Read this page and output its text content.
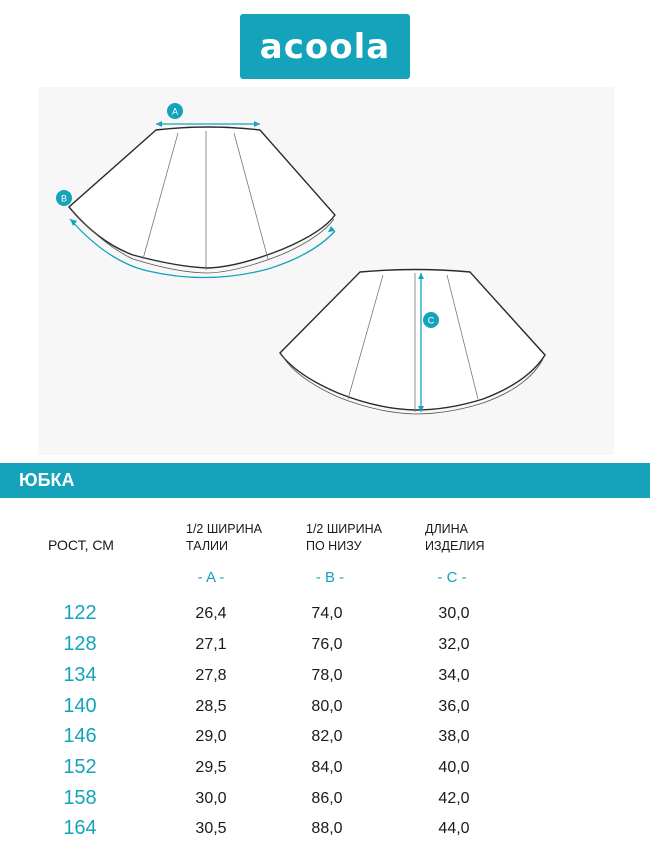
acoola
A
B
C
ЮБКА
РОСТ, СМ
1/2 ШИРИНА
ТАЛИИ
1/2 ШИРИНА
ПО НИЗУ
ДЛИНА
ИЗДЕЛИЯ
- A -	- B -	- C -
122	26,4	74,0	30,0
128	27,1	76,0	32,0
134	27,8	78,0	34,0
140	28,5	80,0	36,0
146	29,0	82,0	38,0
152	29,5	84,0	40,0
158	30,0	86,0	42,0
164	30,5	88,0	44,0
